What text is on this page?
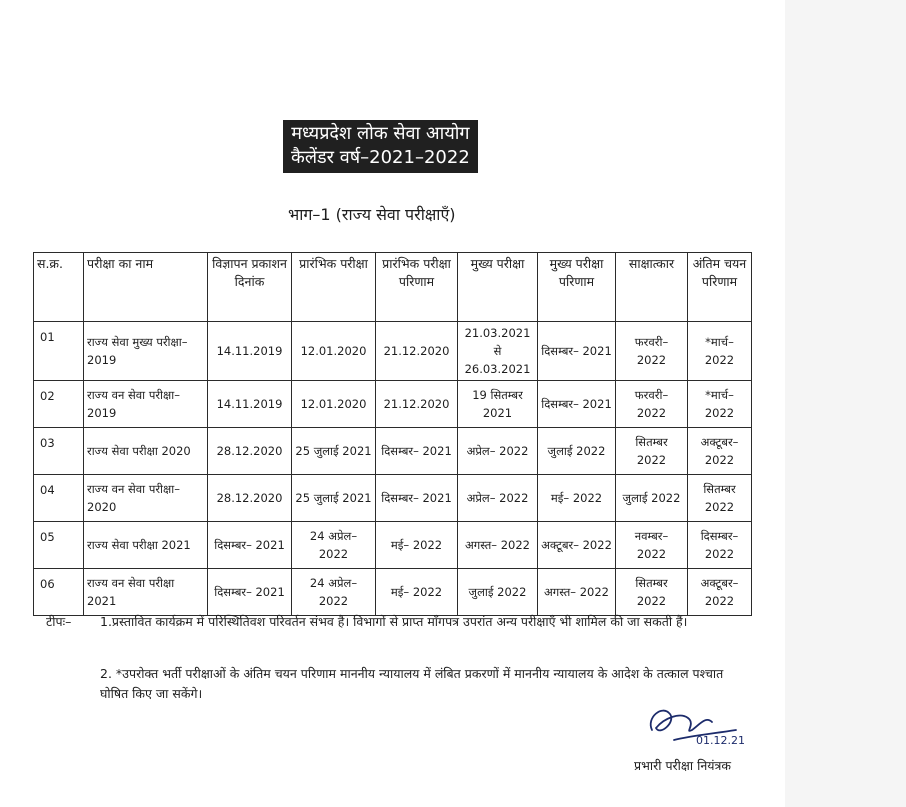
मध्यप्रदेश लोक सेवा आयोग
कैलेंडर वर्ष–2021–2022
भाग–1 (राज्य सेवा परीक्षाएँ)
स.क्र.	परीक्षा का नाम	विज्ञापन प्रकाशन दिनांक	प्रारंभिक परीक्षा	प्रारंभिक परीक्षा परिणाम	मुख्य परीक्षा	मुख्य परीक्षा परिणाम	साक्षात्कार	अंतिम चयन परिणाम
01	राज्य सेवा मुख्य परीक्षा–2019	14.11.2019	12.01.2020	21.12.2020	21.03.2021 से 26.03.2021	दिसम्बर– 2021	फरवरी– 2022	*मार्च– 2022
02	राज्य वन सेवा परीक्षा–2019	14.11.2019	12.01.2020	21.12.2020	19 सितम्बर 2021	दिसम्बर– 2021	फरवरी– 2022	*मार्च– 2022
03	राज्य सेवा परीक्षा 2020	28.12.2020	25 जुलाई 2021	दिसम्बर– 2021	अप्रेल– 2022	जुलाई 2022	सितम्बर 2022	अक्टूबर– 2022
04	राज्य वन सेवा परीक्षा–2020	28.12.2020	25 जुलाई 2021	दिसम्बर– 2021	अप्रेल– 2022	मई– 2022	जुलाई 2022	सितम्बर 2022
05	राज्य सेवा परीक्षा 2021	दिसम्बर– 2021	24 अप्रेल– 2022	मई– 2022	अगस्त– 2022	अक्टूबर– 2022	नवम्बर– 2022	दिसम्बर– 2022
06	राज्य वन सेवा परीक्षा 2021	दिसम्बर– 2021	24 अप्रेल– 2022	मई– 2022	जुलाई 2022	अगस्त– 2022	सितम्बर 2022	अक्टूबर– 2022
टीपः– 1.प्रस्तावित कार्यक्रम में परिस्थितिवश परिवर्तन संभव है। विभागों से प्राप्त माँगपत्र उपरांत अन्य परीक्षाऍं भी शामिल की जा सकती हैं।
2. *उपरोक्त भर्ती परीक्षाओं के अंतिम चयन परिणाम माननीय न्यायालय में लंबित प्रकरणों में माननीय न्यायालय के आदेश के तत्काल पश्चात घोषित किए जा सकेंगे।
01.12.21
प्रभारी परीक्षा नियंत्रक
